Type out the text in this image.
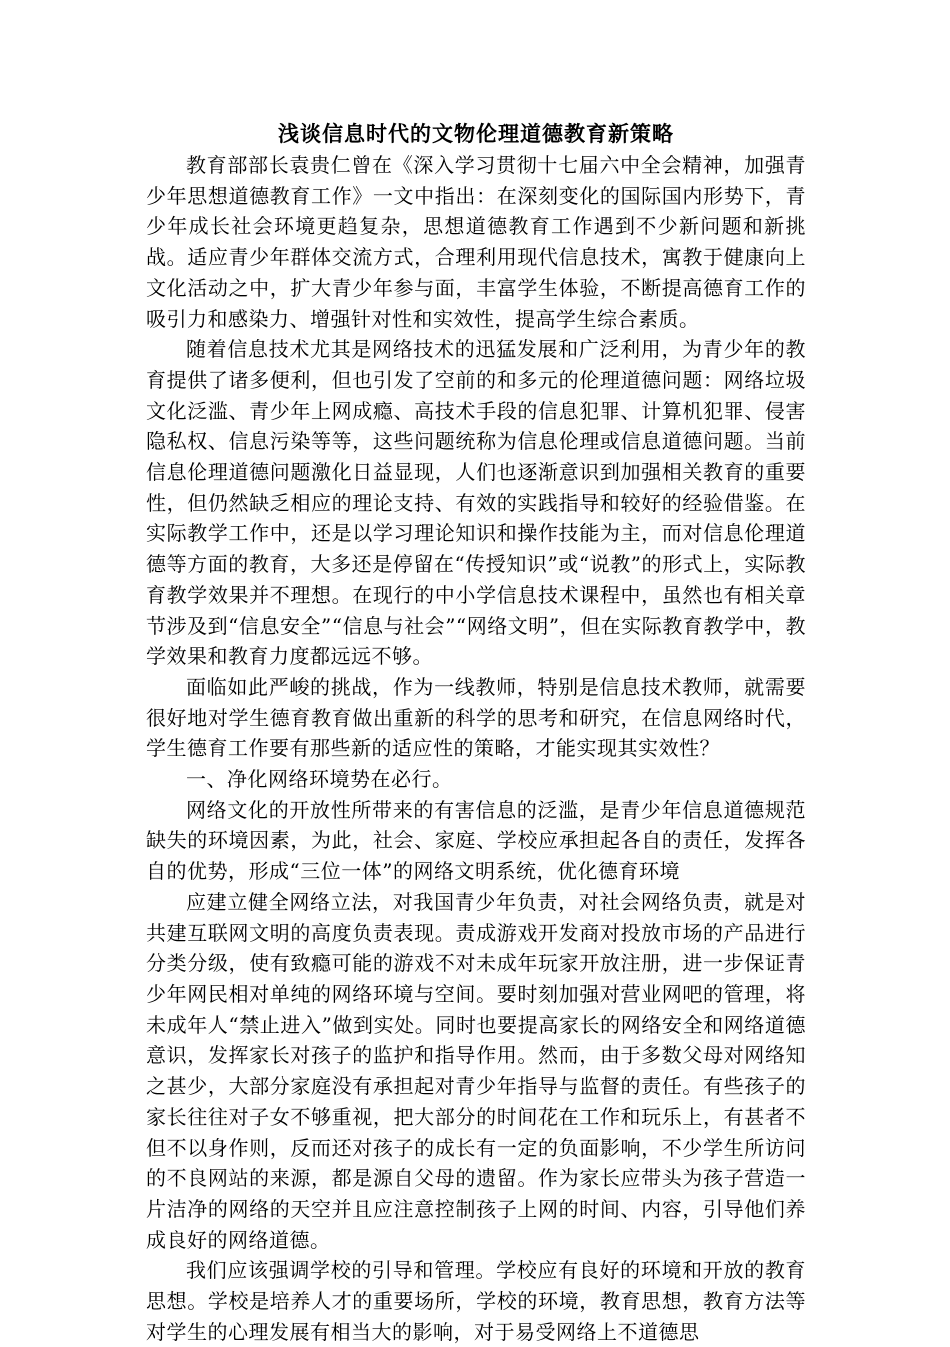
浅谈信息时代的文物伦理道德教育新策略

教育部部长袁贵仁曾在《深入学习贯彻十七届六中全会精神，加强青少年思想道德教育工作》一文中指出：在深刻变化的国际国内形势下，青少年成长社会环境更趋复杂，思想道德教育工作遇到不少新问题和新挑战。适应青少年群体交流方式，合理利用现代信息技术，寓教于健康向上文化活动之中，扩大青少年参与面，丰富学生体验，不断提高德育工作的吸引力和感染力、增强针对性和实效性，提高学生综合素质。

随着信息技术尤其是网络技术的迅猛发展和广泛利用，为青少年的教育提供了诸多便利，但也引发了空前的和多元的伦理道德问题：网络垃圾文化泛滥、青少年上网成瘾、高技术手段的信息犯罪、计算机犯罪、侵害隐私权、信息污染等等，这些问题统称为信息伦理或信息道德问题。当前信息伦理道德问题激化日益显现，人们也逐渐意识到加强相关教育的重要性，但仍然缺乏相应的理论支持、有效的实践指导和较好的经验借鉴。在实际教学工作中，还是以学习理论知识和操作技能为主，而对信息伦理道德等方面的教育，大多还是停留在“传授知识”或“说教”的形式上，实际教育教学效果并不理想。在现行的中小学信息技术课程中，虽然也有相关章节涉及到“信息安全”“信息与社会”“网络文明”，但在实际教育教学中，教学效果和教育力度都远远不够。

面临如此严峻的挑战，作为一线教师，特别是信息技术教师，就需要很好地对学生德育教育做出重新的科学的思考和研究，在信息网络时代，学生德育工作要有那些新的适应性的策略，才能实现其实效性？

一、净化网络环境势在必行。

网络文化的开放性所带来的有害信息的泛滥，是青少年信息道德规范缺失的环境因素，为此，社会、家庭、学校应承担起各自的责任，发挥各自的优势，形成“三位一体”的网络文明系统，优化德育环境

应建立健全网络立法，对我国青少年负责，对社会网络负责，就是对共建互联网文明的高度负责表现。责成游戏开发商对投放市场的产品进行分类分级，使有致瘾可能的游戏不对未成年玩家开放注册，进一步保证青少年网民相对单纯的网络环境与空间。要时刻加强对营业网吧的管理，将未成年人“禁止进入”做到实处。同时也要提高家长的网络安全和网络道德意识，发挥家长对孩子的监护和指导作用。然而，由于多数父母对网络知之甚少，大部分家庭没有承担起对青少年指导与监督的责任。有些孩子的家长往往对子女不够重视，把大部分的时间花在工作和玩乐上，有甚者不但不以身作则，反而还对孩子的成长有一定的负面影响，不少学生所访问的不良网站的来源，都是源自父母的遗留。作为家长应带头为孩子营造一片洁净的网络的天空并且应注意控制孩子上网的时间、内容，引导他们养成良好的网络道德。

我们应该强调学校的引导和管理。学校应有良好的环境和开放的教育思想。学校是培养人才的重要场所，学校的环境，教育思想，教育方法等对学生的心理发展有相当大的影响，对于易受网络上不道德思
